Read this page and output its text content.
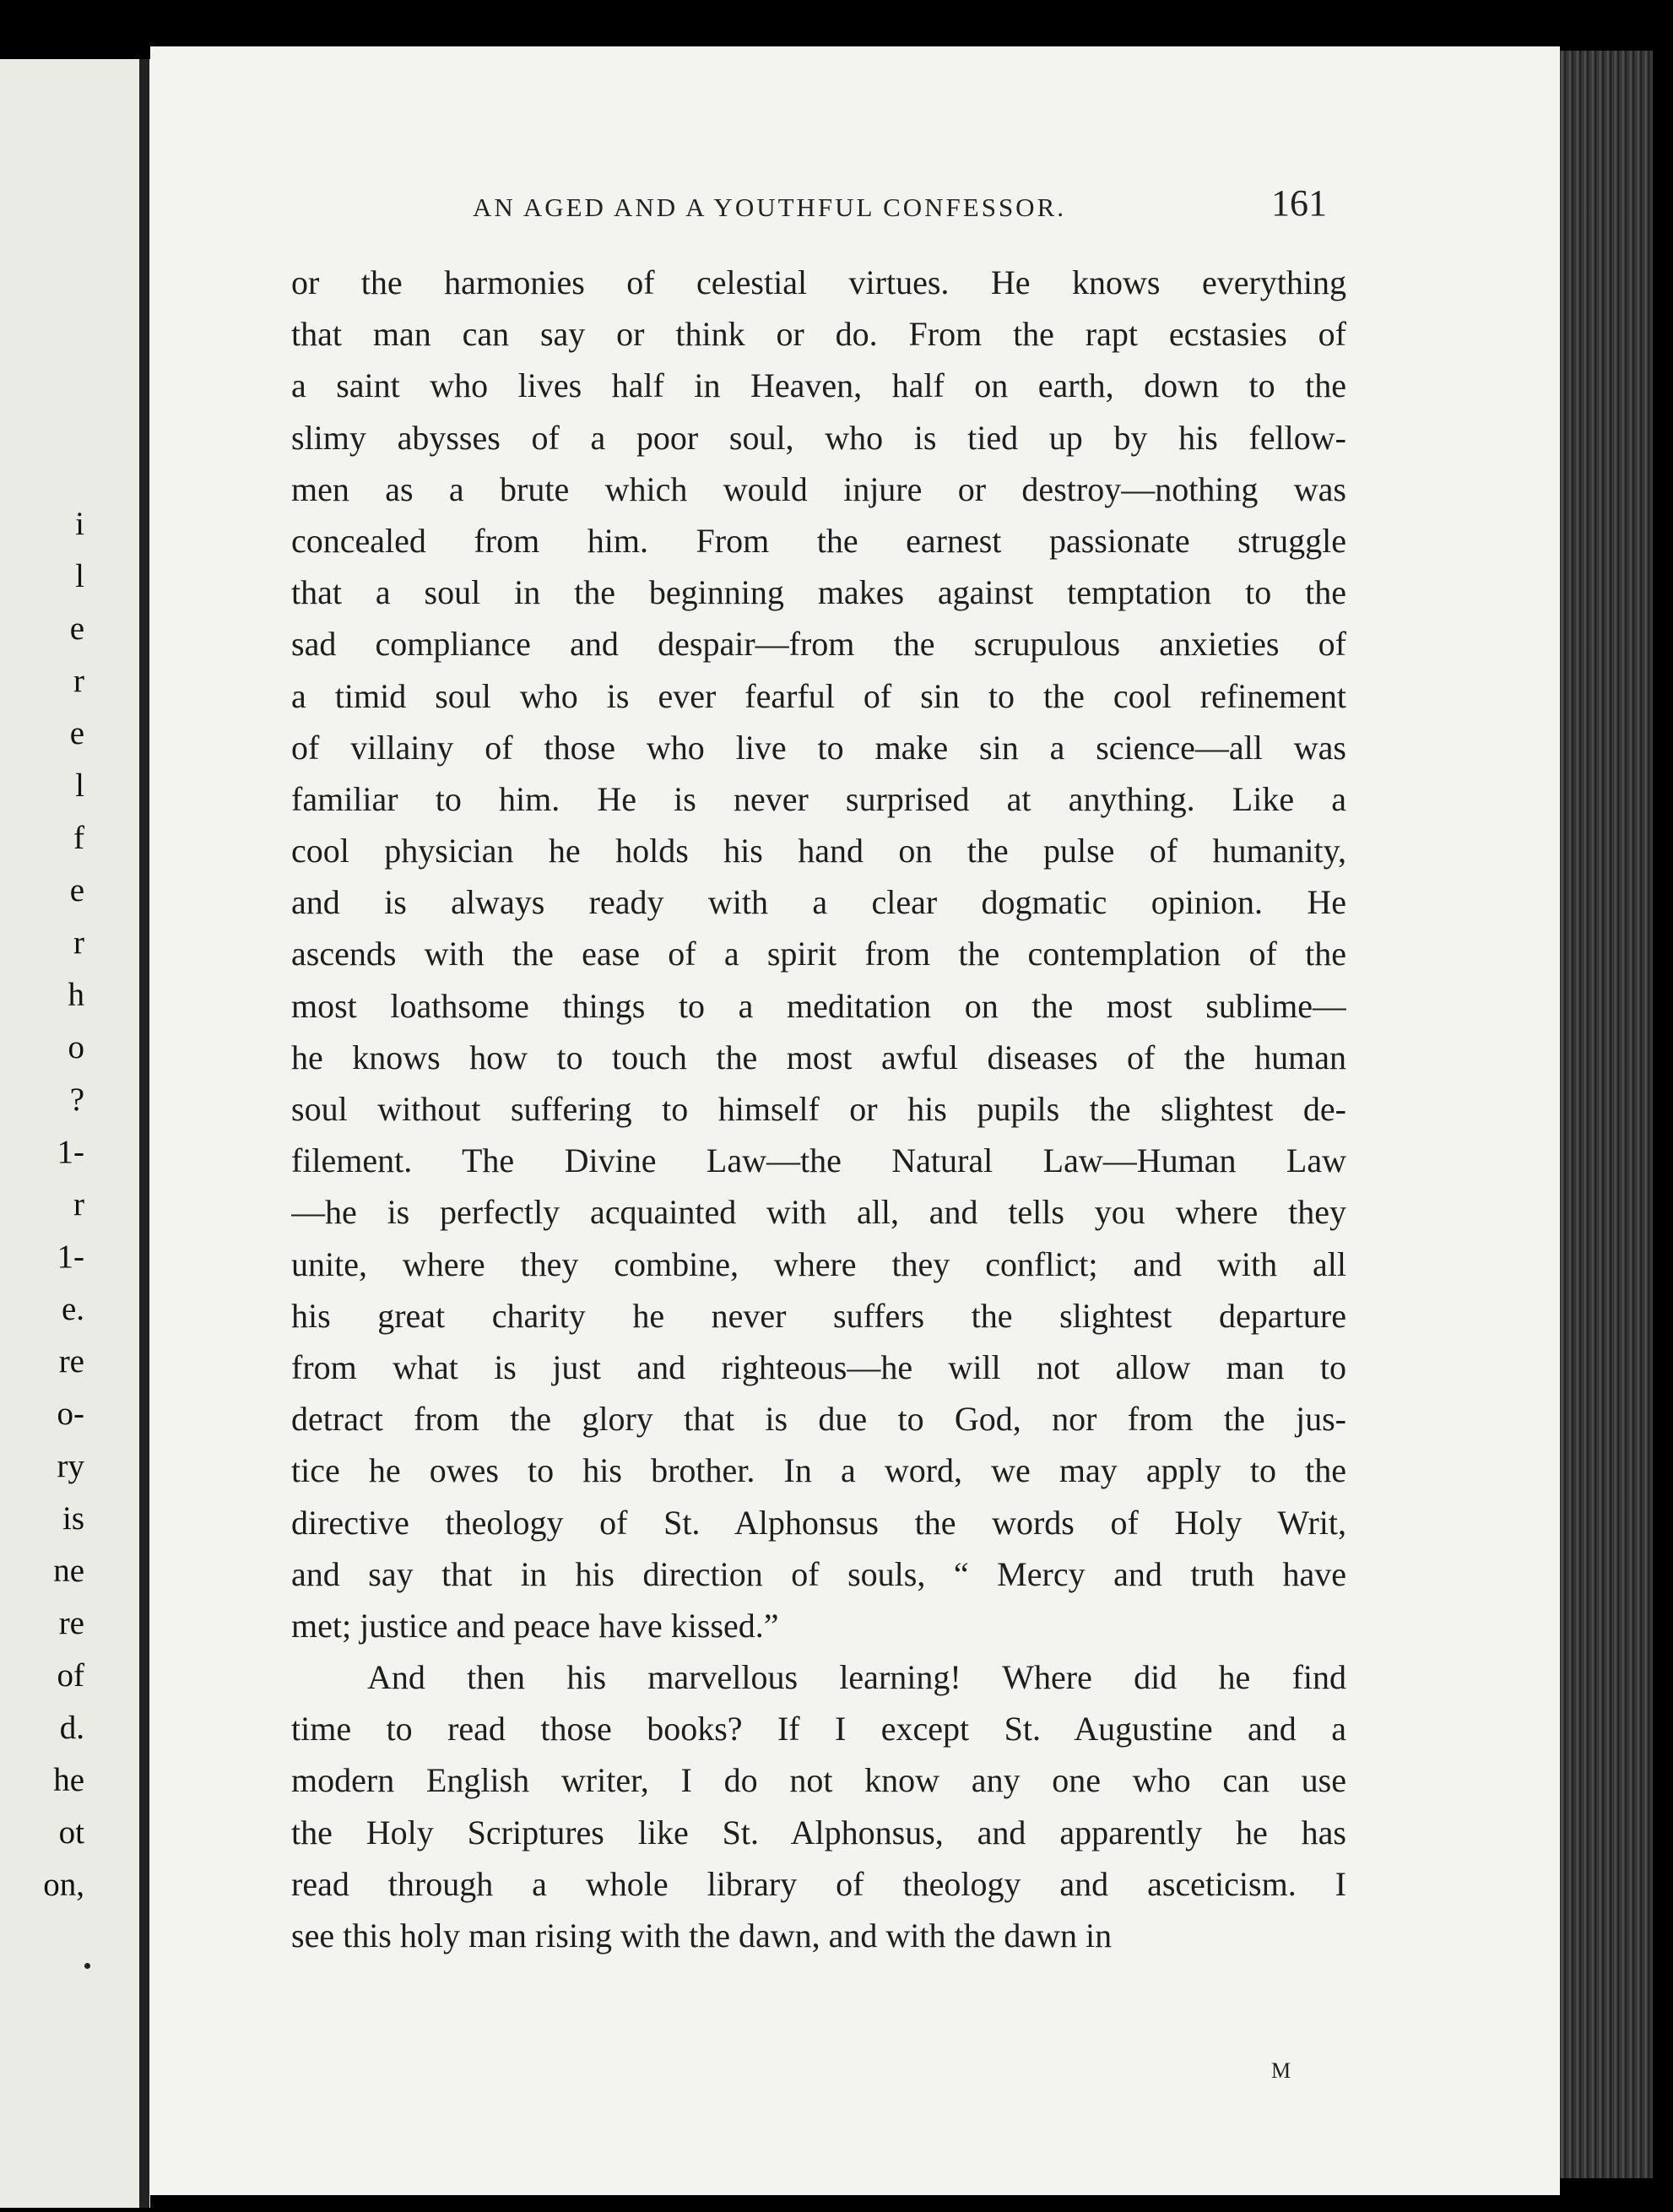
i
l
e
r
e
l
f
e
r
h
o
?
1-
r
1-
e.
re
o-
ry
is
ne
re
of
d.
he
ot
on,
AN AGED AND A YOUTHFUL CONFESSOR.	161
or the harmonies of celestial virtues. He knows everything
that man can say or think or do. From the rapt ecstasies of
a saint who lives half in Heaven, half on earth, down to the
slimy abysses of a poor soul, who is tied up by his fellow-
men as a brute which would injure or destroy—nothing was
concealed from him. From the earnest passionate struggle
that a soul in the beginning makes against temptation to the
sad compliance and despair—from the scrupulous anxieties of
a timid soul who is ever fearful of sin to the cool refinement
of villainy of those who live to make sin a science—all was
familiar to him. He is never surprised at anything. Like a
cool physician he holds his hand on the pulse of humanity,
and is always ready with a clear dogmatic opinion. He
ascends with the ease of a spirit from the contemplation of the
most loathsome things to a meditation on the most sublime—
he knows how to touch the most awful diseases of the human
soul without suffering to himself or his pupils the slightest de-
filement. The Divine Law—the Natural Law—Human Law
—he is perfectly acquainted with all, and tells you where they
unite, where they combine, where they conflict; and with all
his great charity he never suffers the slightest departure
from what is just and righteous—he will not allow man to
detract from the glory that is due to God, nor from the jus-
tice he owes to his brother. In a word, we may apply to the
directive theology of St. Alphonsus the words of Holy Writ,
and say that in his direction of souls, “ Mercy and truth have
met; justice and peace have kissed.”
And then his marvellous learning! Where did he find
time to read those books? If I except St. Augustine and a
modern English writer, I do not know any one who can use
the Holy Scriptures like St. Alphonsus, and apparently he has
read through a whole library of theology and asceticism. I
see this holy man rising with the dawn, and with the dawn in
M
